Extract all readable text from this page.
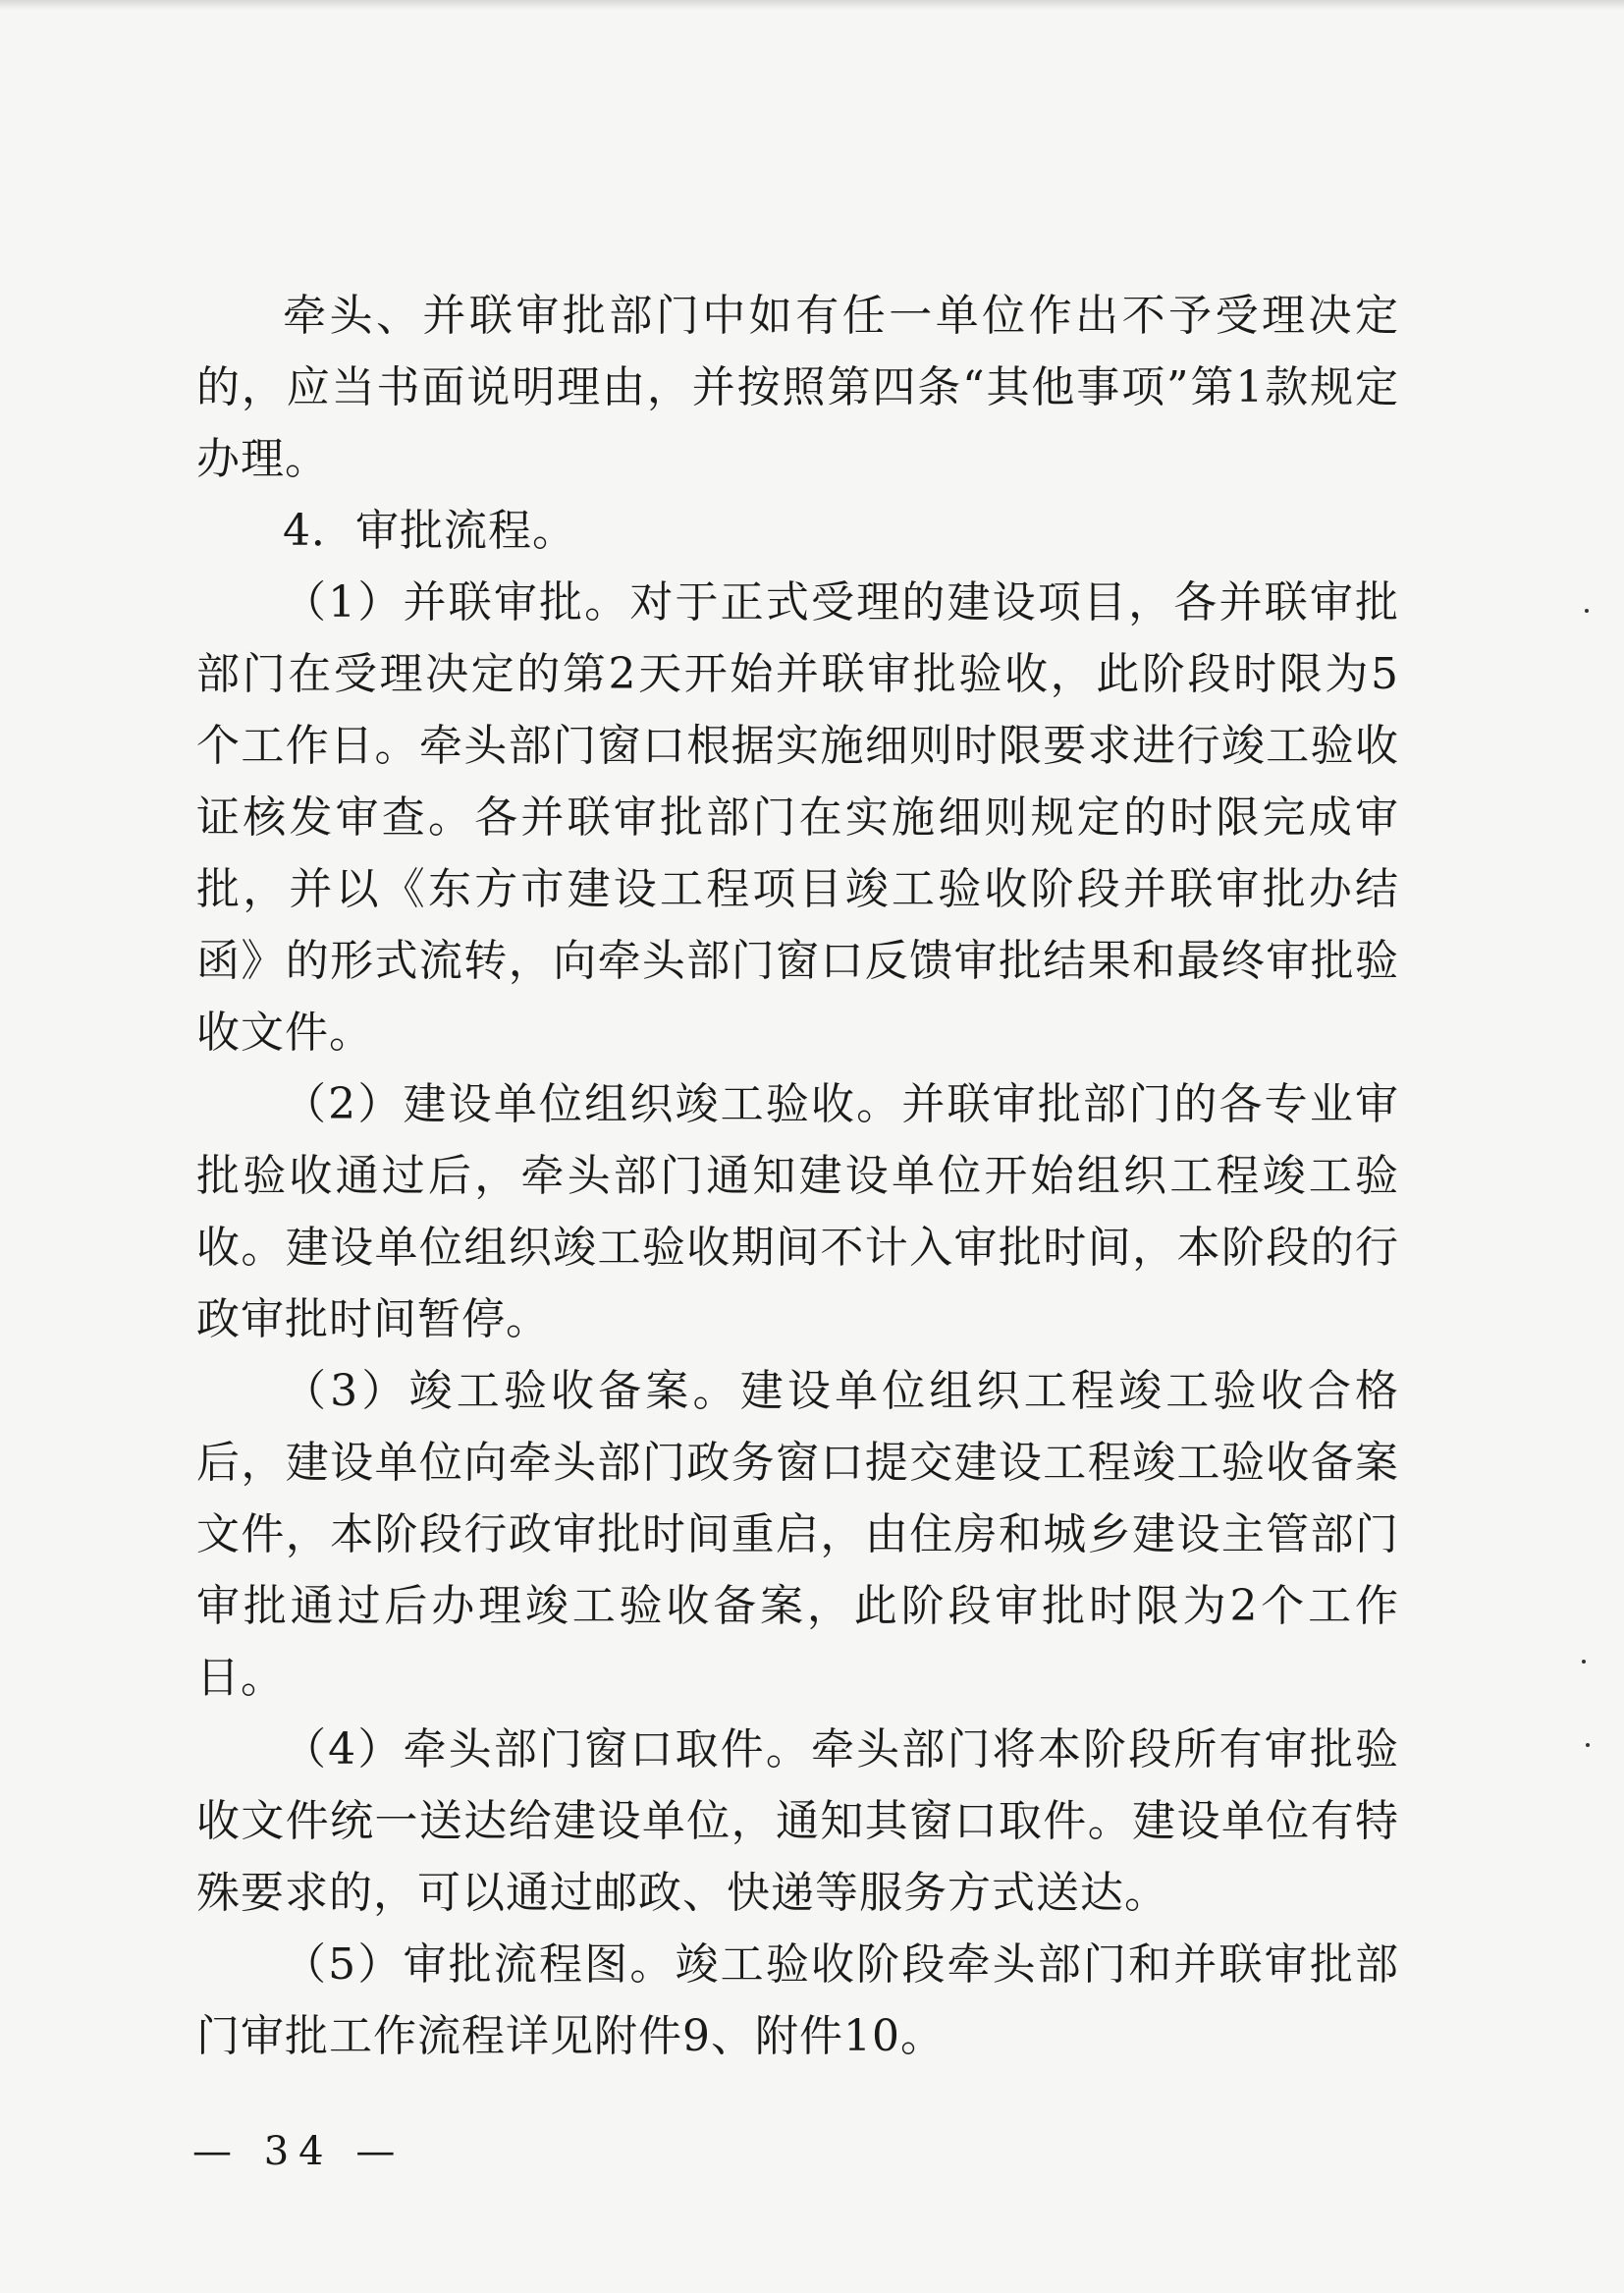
牵头、并联审批部门中如有任一单位作出不予受理决定的，应当书面说明理由，并按照第四条“其他事项”第1款规定办理。

4．审批流程。

（1）并联审批。对于正式受理的建设项目，各并联审批部门在受理决定的第2天开始并联审批验收，此阶段时限为5个工作日。牵头部门窗口根据实施细则时限要求进行竣工验收证核发审查。各并联审批部门在实施细则规定的时限完成审批，并以《东方市建设工程项目竣工验收阶段并联审批办结函》的形式流转，向牵头部门窗口反馈审批结果和最终审批验收文件。

（2）建设单位组织竣工验收。并联审批部门的各专业审批验收通过后，牵头部门通知建设单位开始组织工程竣工验收。建设单位组织竣工验收期间不计入审批时间，本阶段的行政审批时间暂停。

（3）竣工验收备案。建设单位组织工程竣工验收合格后，建设单位向牵头部门政务窗口提交建设工程竣工验收备案文件，本阶段行政审批时间重启，由住房和城乡建设主管部门审批通过后办理竣工验收备案，此阶段审批时限为2个工作日。

（4）牵头部门窗口取件。牵头部门将本阶段所有审批验收文件统一送达给建设单位，通知其窗口取件。建设单位有特殊要求的，可以通过邮政、快递等服务方式送达。

（5）审批流程图。竣工验收阶段牵头部门和并联审批部门审批工作流程详见附件9、附件10。

— 34 —
